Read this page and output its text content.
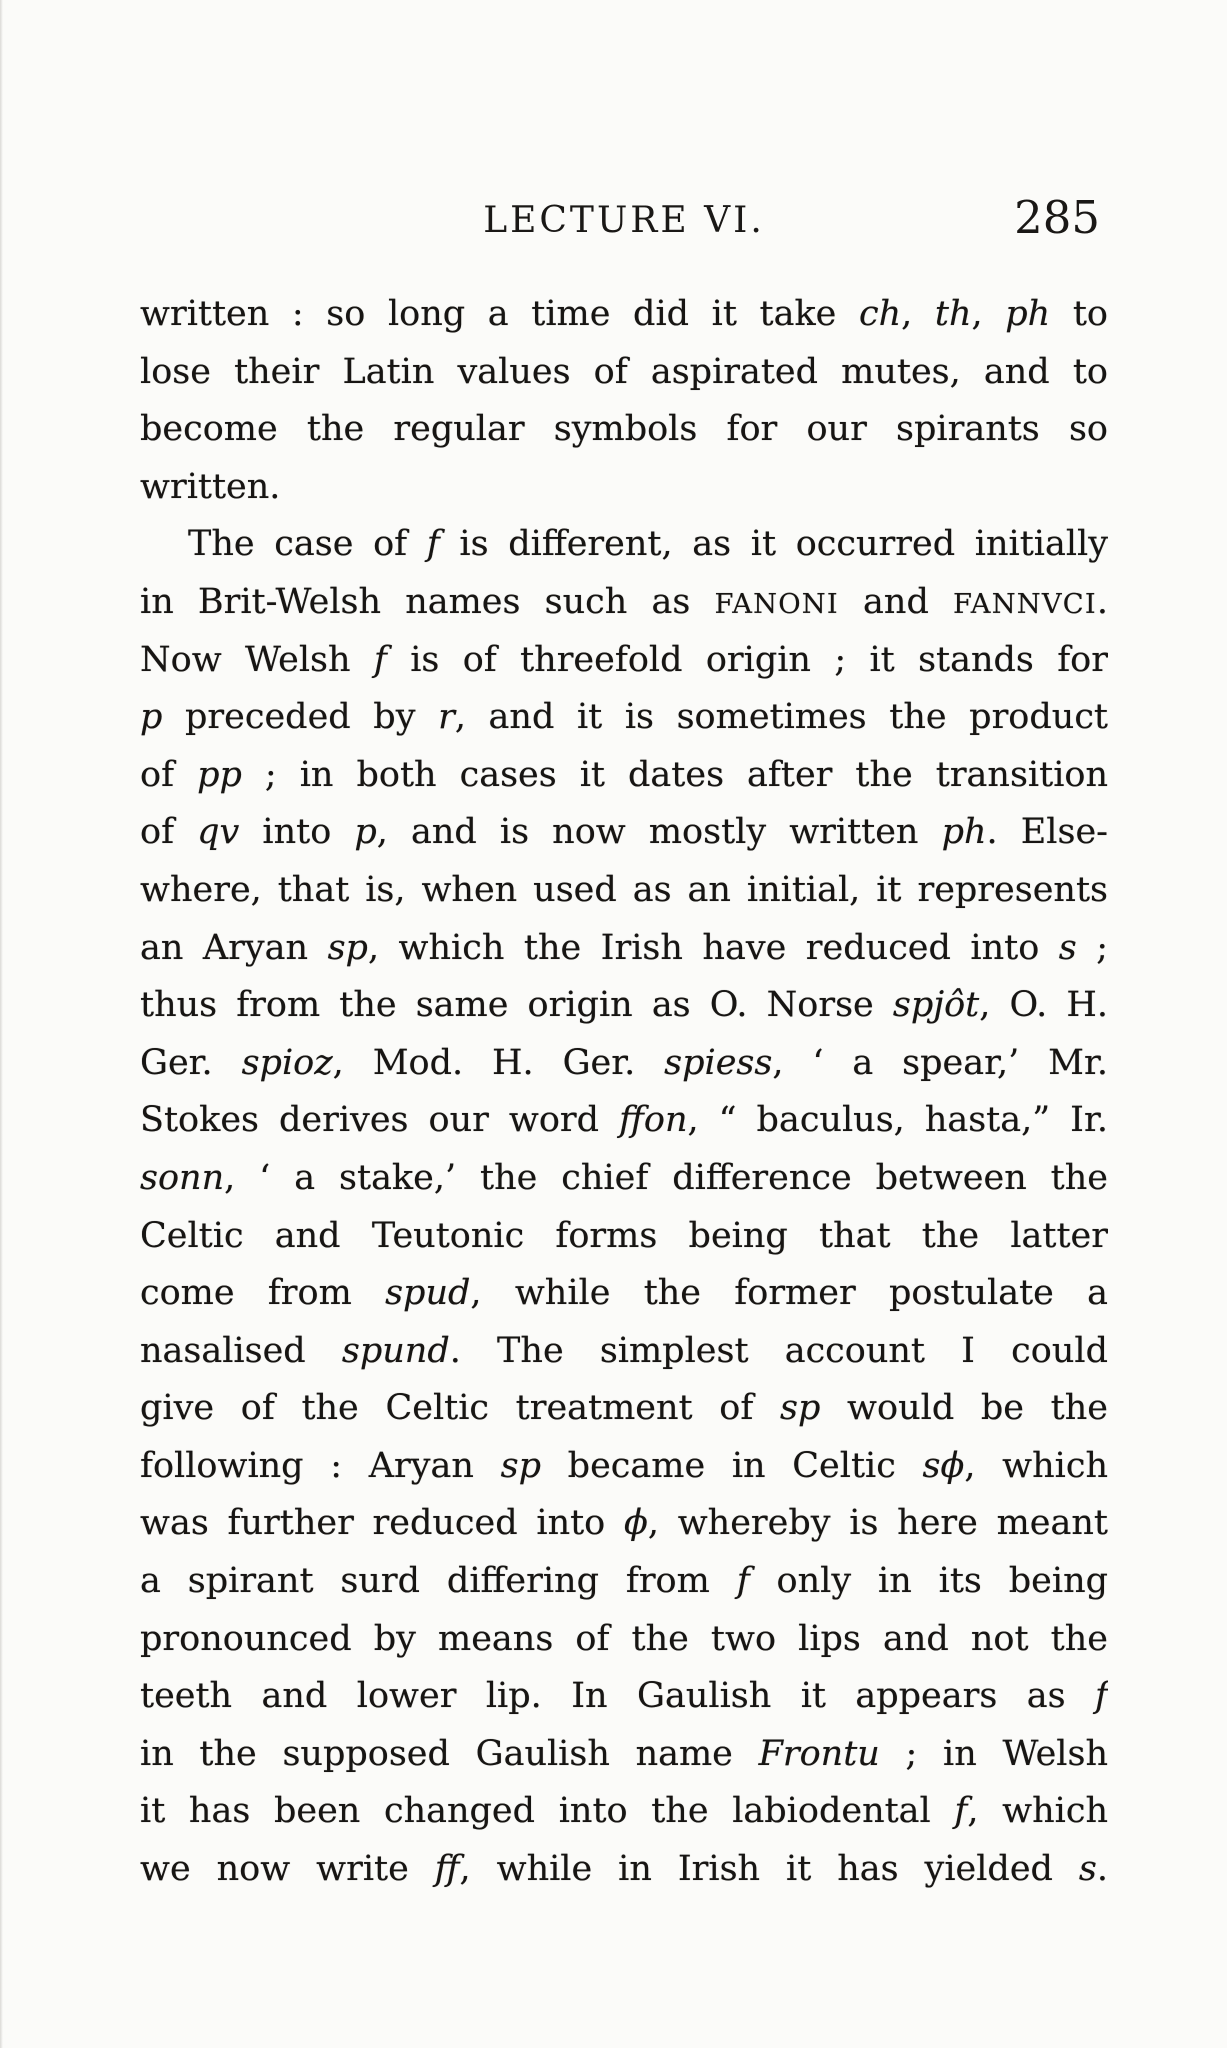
LECTURE VI.	285
written : so long a time did it take ch, th, ph to
lose their Latin values of aspirated mutes, and to
become the regular symbols for our spirants so
written.
The case of f is different, as it occurred initially
in Brit-Welsh names such as FANONI and FANNVCI.
Now Welsh f is of threefold origin ; it stands for
p preceded by r, and it is sometimes the product
of pp ; in both cases it dates after the transition
of qv into p, and is now mostly written ph. Else-
where, that is, when used as an initial, it represents
an Aryan sp, which the Irish have reduced into s ;
thus from the same origin as O. Norse spjôt, O. H.
Ger. spioz, Mod. H. Ger. spiess, ‘ a spear,’ Mr.
Stokes derives our word ffon, “ baculus, hasta,” Ir.
sonn, ‘ a stake,’ the chief difference between the
Celtic and Teutonic forms being that the latter
come from spud, while the former postulate a
nasalised spund. The simplest account I could
give of the Celtic treatment of sp would be the
following : Aryan sp became in Celtic sϕ, which
was further reduced into ϕ, whereby is here meant
a spirant surd differing from f only in its being
pronounced by means of the two lips and not the
teeth and lower lip. In Gaulish it appears as f
in the supposed Gaulish name Frontu ; in Welsh
it has been changed into the labiodental f, which
we now write ff, while in Irish it has yielded s.
